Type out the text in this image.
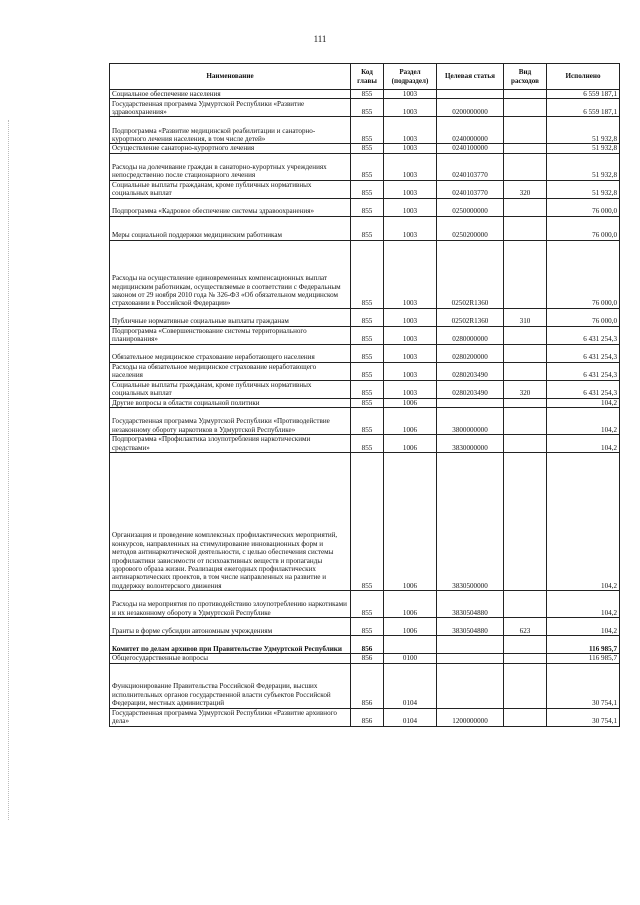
111
Наименование	Код главы	Раздел (подраздел)	Целевая статья	Вид расходов	Исполнено
Социальное обеспечение населения	855	1003			6 559 187,1
Государственная программа Удмуртской Республики «Развитие здравоохранения»	855	1003	0200000000		6 559 187,1
Подпрограмма «Развитие медицинской реабилитации и санаторно-курортного лечения населения, в том числе детей»	855	1003	0240000000		51 932,8
Осуществление санаторно-курортного лечения	855	1003	0240100000		51 932,8
Расходы на долечивание граждан в санаторно-курортных учреждениях непосредственно после стационарного лечения	855	1003	0240103770		51 932,8
Социальные выплаты гражданам, кроме публичных нормативных социальных выплат	855	1003	0240103770	320	51 932,8
Подпрограмма «Кадровое обеспечение системы здравоохранения»	855	1003	0250000000		76 000,0
Меры социальной поддержки медицинским работникам	855	1003	0250200000		76 000,0
Расходы на осуществление единовременных компенсационных выплат медицинским работникам, осуществляемые в соответствии с Федеральным законом от 29 ноября 2010 года № 326-ФЗ «Об обязательном медицинском страховании в Российской Федерации»	855	1003	02502R1360		76 000,0
Публичные нормативные социальные выплаты гражданам	855	1003	02502R1360	310	76 000,0
Подпрограмма «Совершенствование системы территориального планирования»	855	1003	0280000000		6 431 254,3
Обязательное медицинское страхование неработающего населения	855	1003	0280200000		6 431 254,3
Расходы на обязательное медицинское страхование неработающего населения	855	1003	0280203490		6 431 254,3
Социальные выплаты гражданам, кроме публичных нормативных социальных выплат	855	1003	0280203490	320	6 431 254,3
Другие вопросы в области социальной политики	855	1006			104,2
Государственная программа Удмуртской Республики «Противодействие незаконному обороту наркотиков в Удмуртской Республике»	855	1006	3800000000		104,2
Подпрограмма «Профилактика злоупотребления наркотическими средствами»	855	1006	3830000000		104,2
Организация и проведение комплексных профилактических мероприятий, конкурсов, направленных на стимулирование инновационных форм и методов антинаркотической деятельности, с целью обеспечения системы профилактики зависимости от психоактивных веществ и пропаганды здорового образа жизни. Реализация ежегодных профилактических антинаркотических проектов, в том числе направленных на развитие и поддержку волонтерского движения	855	1006	3830500000		104,2
Расходы на мероприятия по противодействию злоупотреблению наркотиками и их незаконному обороту в Удмуртской Республике	855	1006	3830504880		104,2
Гранты в форме субсидии автономным учреждениям	855	1006	3830504880	623	104,2
Комитет по делам архивов при Правительстве Удмуртской Республики	856				116 985,7
Общегосударственные вопросы	856	0100			116 985,7
Функционирование Правительства Российской Федерации, высших исполнительных органов государственной власти субъектов Российской Федерации, местных администраций	856	0104			30 754,1
Государственная программа Удмуртской Республики «Развитие архивного дела»	856	0104	1200000000		30 754,1
